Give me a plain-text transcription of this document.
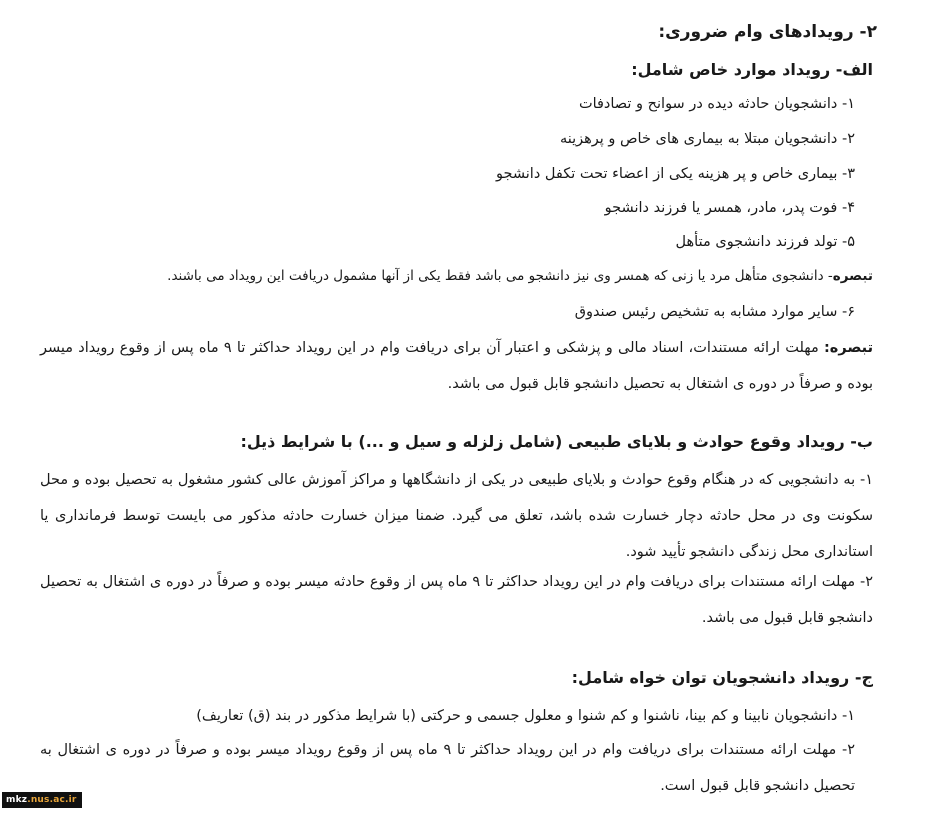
۲- رویدادهای وام ضروری:
الف- رویداد موارد خاص شامل:
۱- دانشجویان حادثه دیده در سوانح و تصادفات
۲- دانشجویان مبتلا به بیماری های خاص و پرهزینه
۳- بیماری خاص و پر هزینه یکی از اعضاء تحت تکفل دانشجو
۴- فوت پدر، مادر، همسر یا فرزند دانشجو
۵- تولد فرزند دانشجوی متأهل
تبصره- دانشجوی متأهل مرد یا زنی که همسر وی نیز دانشجو می باشد فقط یکی از آنها مشمول دریافت این رویداد می باشند.
۶- سایر موارد مشابه به تشخیص رئیس صندوق
تبصره: مهلت ارائه مستندات، اسناد مالی و پزشکی و اعتبار آن برای دریافت وام در این رویداد حداکثر تا ۹ ماه پس از وقوع رویداد میسر بوده و صرفاً در دوره ی اشتغال به تحصیل دانشجو قابل قبول می باشد.
ب- رویداد وقوع حوادث و بلایای طبیعی (شامل زلزله و سیل و ...) با شرایط ذیل:
۱- به دانشجویی که در هنگام وقوع حوادث و بلایای طبیعی در یکی از دانشگاهها و مراکز آموزش عالی کشور مشغول به تحصیل بوده و محل سکونت وی در محل حادثه دچار خسارت شده باشد، تعلق می گیرد. ضمنا میزان خسارت حادثه مذکور می بایست توسط فرمانداری یا استانداری محل زندگی دانشجو تأیید شود.
۲- مهلت ارائه مستندات برای دریافت وام در این رویداد حداکثر تا ۹ ماه پس از وقوع حادثه میسر بوده و صرفاً در دوره ی اشتغال به تحصیل دانشجو قابل قبول می باشد.
ج- رویداد دانشجویان توان خواه شامل:
۱- دانشجویان نابینا و کم بینا، ناشنوا و کم شنوا و معلول جسمی و حرکتی (با شرایط مذکور در بند (ق) تعاریف)
۲- مهلت ارائه مستندات برای دریافت وام در این رویداد حداکثر تا ۹ ماه پس از وقوع رویداد میسر بوده و صرفاً در دوره ی اشتغال به تحصیل دانشجو قابل قبول است.
mkz.nus.ac.ir
